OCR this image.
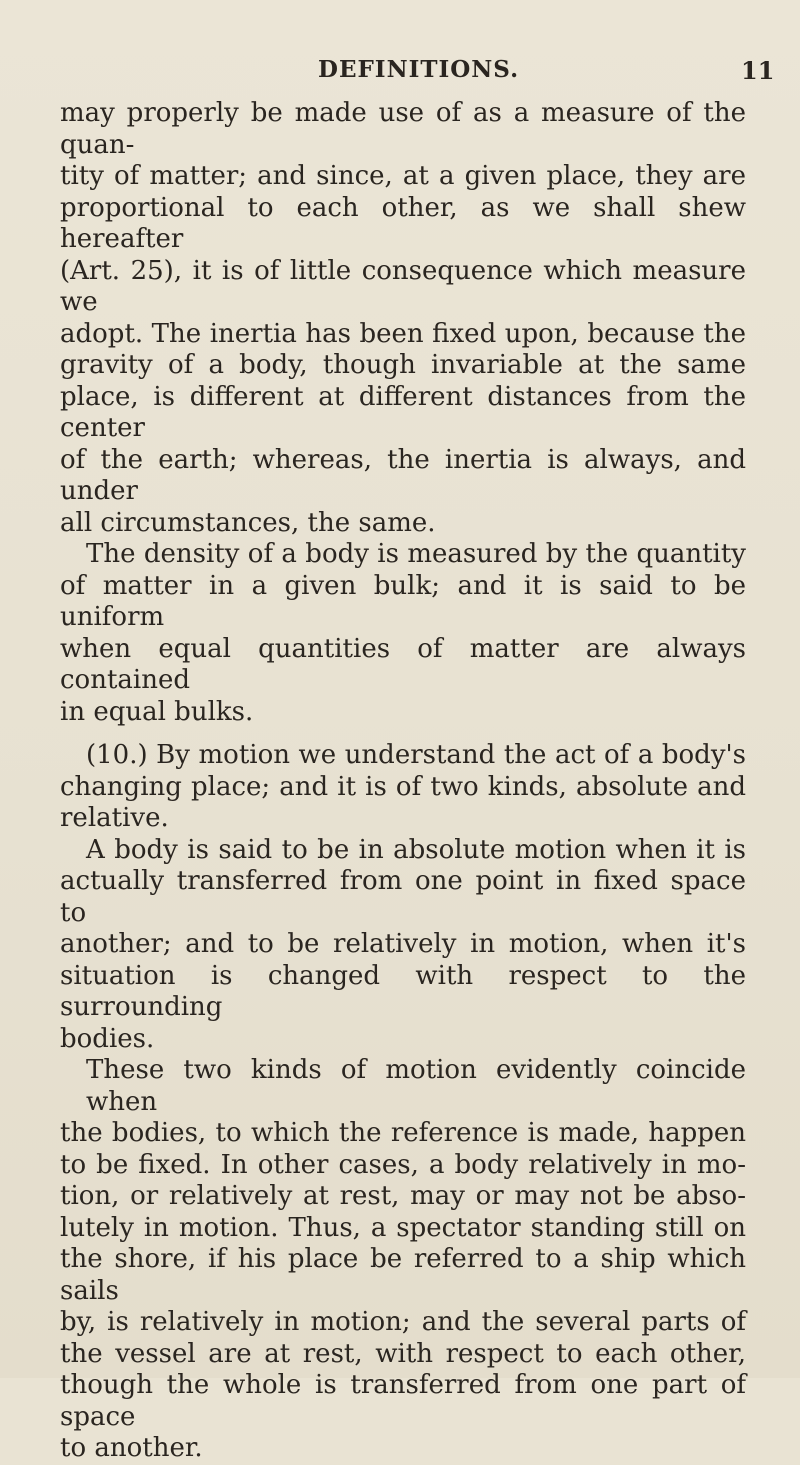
DEFINITIONS.	11
may properly be made use of as a measure of the quan-
tity of matter; and since, at a given place, they are
proportional to each other, as we shall shew hereafter
(Art. 25), it is of little consequence which measure we
adopt. The inertia has been fixed upon, because the
gravity of a body, though invariable at the same
place, is different at different distances from the center
of the earth; whereas, the inertia is always, and under
all circumstances, the same.
The density of a body is measured by the quantity
of matter in a given bulk; and it is said to be uniform
when equal quantities of matter are always contained
in equal bulks.
(10.) By motion we understand the act of a body's
changing place; and it is of two kinds, absolute and
relative.
A body is said to be in absolute motion when it is
actually transferred from one point in fixed space to
another; and to be relatively in motion, when it's
situation is changed with respect to the surrounding
bodies.
These two kinds of motion evidently coincide when
the bodies, to which the reference is made, happen
to be fixed. In other cases, a body relatively in mo-
tion, or relatively at rest, may or may not be abso-
lutely in motion. Thus, a spectator standing still on
the shore, if his place be referred to a ship which sails
by, is relatively in motion; and the several parts of
the vessel are at rest, with respect to each other,
though the whole is transferred from one part of space
to another.
